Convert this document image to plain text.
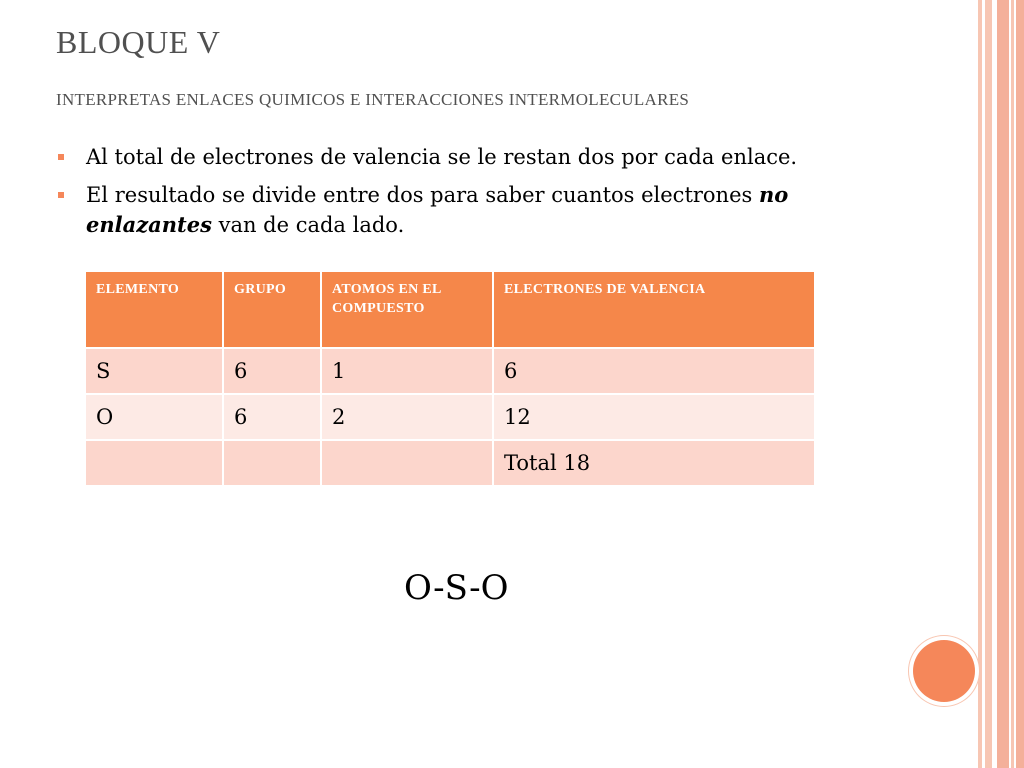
BLOQUE V
INTERPRETAS ENLACES QUIMICOS E INTERACCIONES INTERMOLECULARES
Al total de electrones de valencia se le restan dos por cada enlace.
El resultado se divide entre dos para saber cuantos electrones no enlazantes van de cada lado.
ELEMENTO	GRUPO	ATOMOS EN EL COMPUESTO	ELECTRONES DE VALENCIA
S	6	1	6
O	6	2	12
			Total 18
O-S-O
